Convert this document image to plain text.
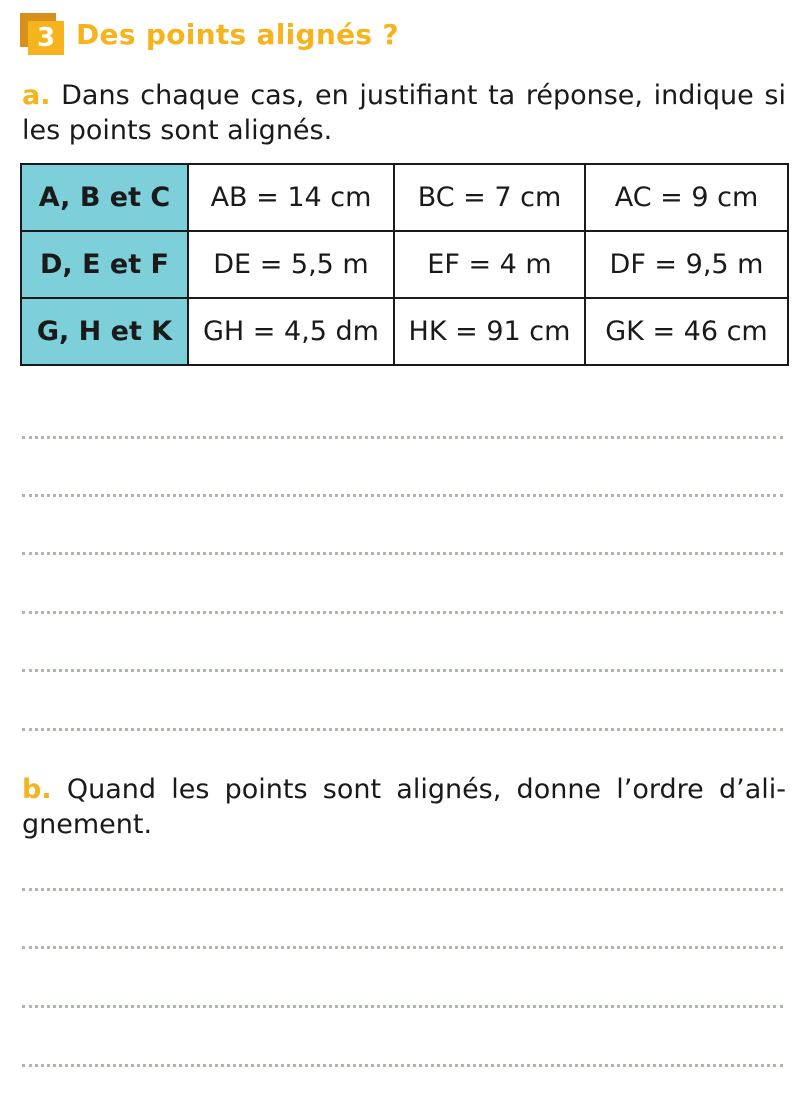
3 Des points alignés ?

a. Dans chaque cas, en justifiant ta réponse, indique si les points sont alignés.

A, B et C	AB = 14 cm	BC = 7 cm	AC = 9 cm
D, E et F	DE = 5,5 m	EF = 4 m	DF = 9,5 m
G, H et K	GH = 4,5 dm	HK = 91 cm	GK = 46 cm

b. Quand les points sont alignés, donne l’ordre d’ali- gnement.
